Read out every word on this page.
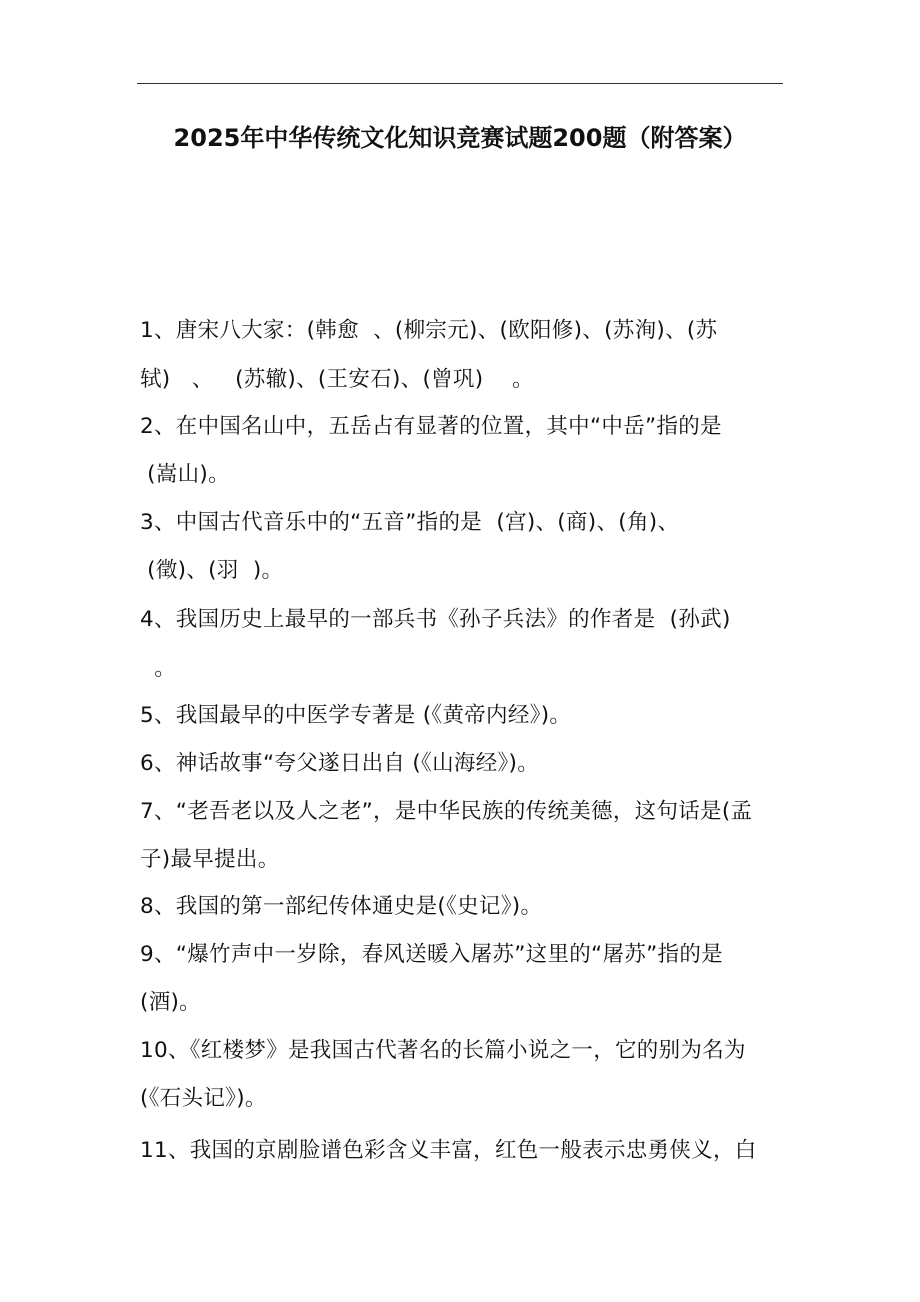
2025年中华传统文化知识竞赛试题200题（附答案）
1、唐宋八大家：(韩愈  、(柳宗元)、(欧阳修)、(苏洵)、(苏
轼)   、   (苏辙)、(王安石)、(曾巩)    。
2、在中国名山中，五岳占有显著的位置，其中“中岳”指的是
(嵩山)。
3、中国古代音乐中的“五音”指的是  (宫)、(商)、(角)、
(徵)、(羽  )。
4、我国历史上最早的一部兵书《孙子兵法》的作者是  (孙武)
。
5、我国最早的中医学专著是 (《黄帝内经》)。
6、神话故事“夸父遂日出自 (《山海经》)。
7、“老吾老以及人之老”，是中华民族的传统美德，这句话是(孟
子)最早提出。
8、我国的第一部纪传体通史是(《史记》)。
9、“爆竹声中一岁除，春风送暖入屠苏”这里的“屠苏”指的是
(酒)。
10、《红楼梦》是我国古代著名的长篇小说之一，它的别为名为
(《石头记》)。
11、我国的京剧脸谱色彩含义丰富，红色一般表示忠勇侠义，白
